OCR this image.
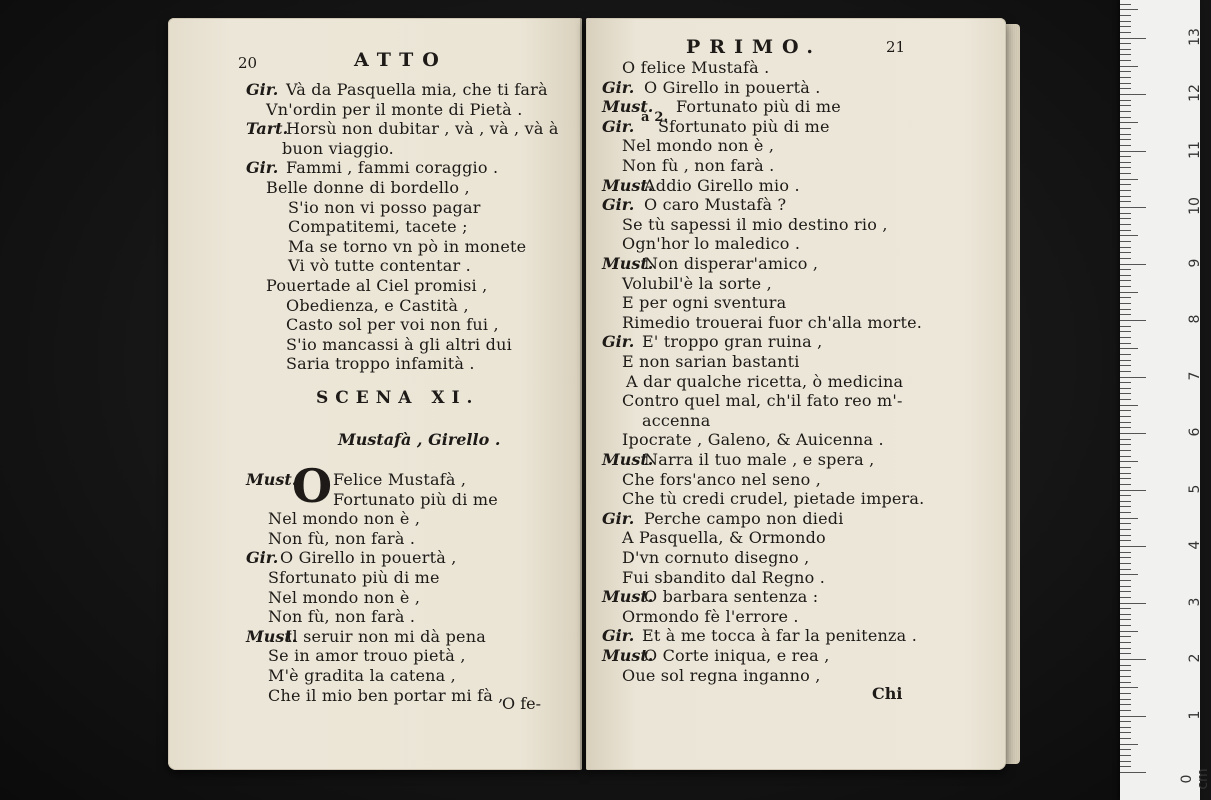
20	ATTO
Gir. Và da Pasquella mia, che ti farà
Vn'ordin per il monte di Pietà .
Tart.
Horsù non dubitar , và , và , và à
buon viaggio.
Gir. Fammi , fammi coraggio .
Belle donne di bordello ,
S'io non vi posso pagar
Compatitemi, tacete ;
Ma se torno vn pò in monete
Vi vò tutte contentar .
Pouertade al Ciel promisi ,
Obedienza, e Castità ,
Casto sol per voi non fui ,
S'io mancassi à gli altri dui
Saria troppo infamità .
SCENA XI.
Mustafà , Girello .
O
Must. Felice Mustafà ,
Fortunato più di me
Nel mondo non è ,
Non fù, non farà .
Gir. O Girello in pouertà ,
Sfortunato più di me
Nel mondo non è ,
Non fù, non farà .
Must.
Il seruir non mi dà pena
Se in amor trouo pietà ,
M'è gradita la catena ,
Che il mio ben portar mi fà ,
O fe-
PRIMO.	21
à 2.
O felice Mustafà .
Gir. O Girello in pouertà .
Must. Fortunato più di me
Gir. Sfortunato più di me
Nel mondo non è ,
Non fù , non farà .
Must.
Addio Girello mio .
Gir. O caro Mustafà ?
Se tù sapessi il mio destino rio ,
Ogn'hor lo maledico .
Must.
Non disperar'amico ,
Volubil'è la sorte ,
E per ogni sventura
Rimedio trouerai fuor ch'alla morte.
Gir. E' troppo gran ruina ,
E non sarian bastanti
A dar qualche ricetta, ò medicina
Contro quel mal, ch'il fato reo m'-
accenna
Ipocrate , Galeno, & Auicenna .
Must.
Narra il tuo male , e spera ,
Che fors'anco nel seno ,
Che tù credi crudel, pietade impera.
Gir. Perche campo non diedi
A Pasquella, & Ormondo
D'vn cornuto disegno ,
Fui sbandito dal Regno .
Must.
O barbara sentenza :
Ormondo fè l'errore .
Gir. Et à me tocca à far la penitenza .
Must.
O Corte iniqua, e rea ,
Oue sol regna inganno ,
Chi
0 cm
1
2
3
4
5
6
7
8
9
10
11
12
13
